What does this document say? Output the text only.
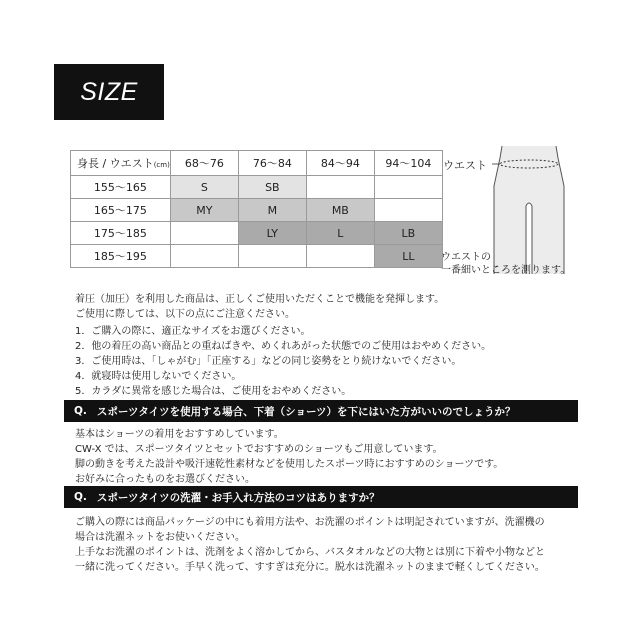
SIZE
身長 / ウエスト(cm)	68〜76	76〜84	84〜94	94〜104
155〜165	S	SB		
165〜175	MY	M	MB	
175〜185		LY	L	LB
185〜195				LL
ウエスト
ウエストの
一番細いところを測ります。
着圧（加圧）を利用した商品は、正しくご使用いただくことで機能を発揮します。
ご使用に際しては、以下の点にご注意ください。
1．ご購入の際に、適正なサイズをお選びください。
2．他の着圧の高い商品との重ねばきや、めくれあがった状態でのご使用はおやめください。
3．ご使用時は、「しゃがむ」「正座する」などの同じ姿勢をとり続けないでください。
4．就寝時は使用しないでください。
5．カラダに異常を感じた場合は、ご使用をおやめください。
Q. スポーツタイツを使用する場合、下着（ショーツ）を下にはいた方がいいのでしょうか？
基本はショーツの着用をおすすめしています。
CW-X では、スポーツタイツとセットでおすすめのショーツもご用意しています。
脚の動きを考えた設計や吸汗速乾性素材などを使用したスポーツ時におすすめのショーツです。
お好みに合ったものをお選びください。
Q. スポーツタイツの洗濯・お手入れ方法のコツはありますか？
ご購入の際には商品パッケージの中にも着用方法や、お洗濯のポイントは明記されていますが、洗濯機の
場合は洗濯ネットをお使いください。
上手なお洗濯のポイントは、洗剤をよく溶かしてから、バスタオルなどの大物とは別に下着や小物などと
一緒に洗ってください。手早く洗って、すすぎは充分に。脱水は洗濯ネットのままで軽くしてください。
